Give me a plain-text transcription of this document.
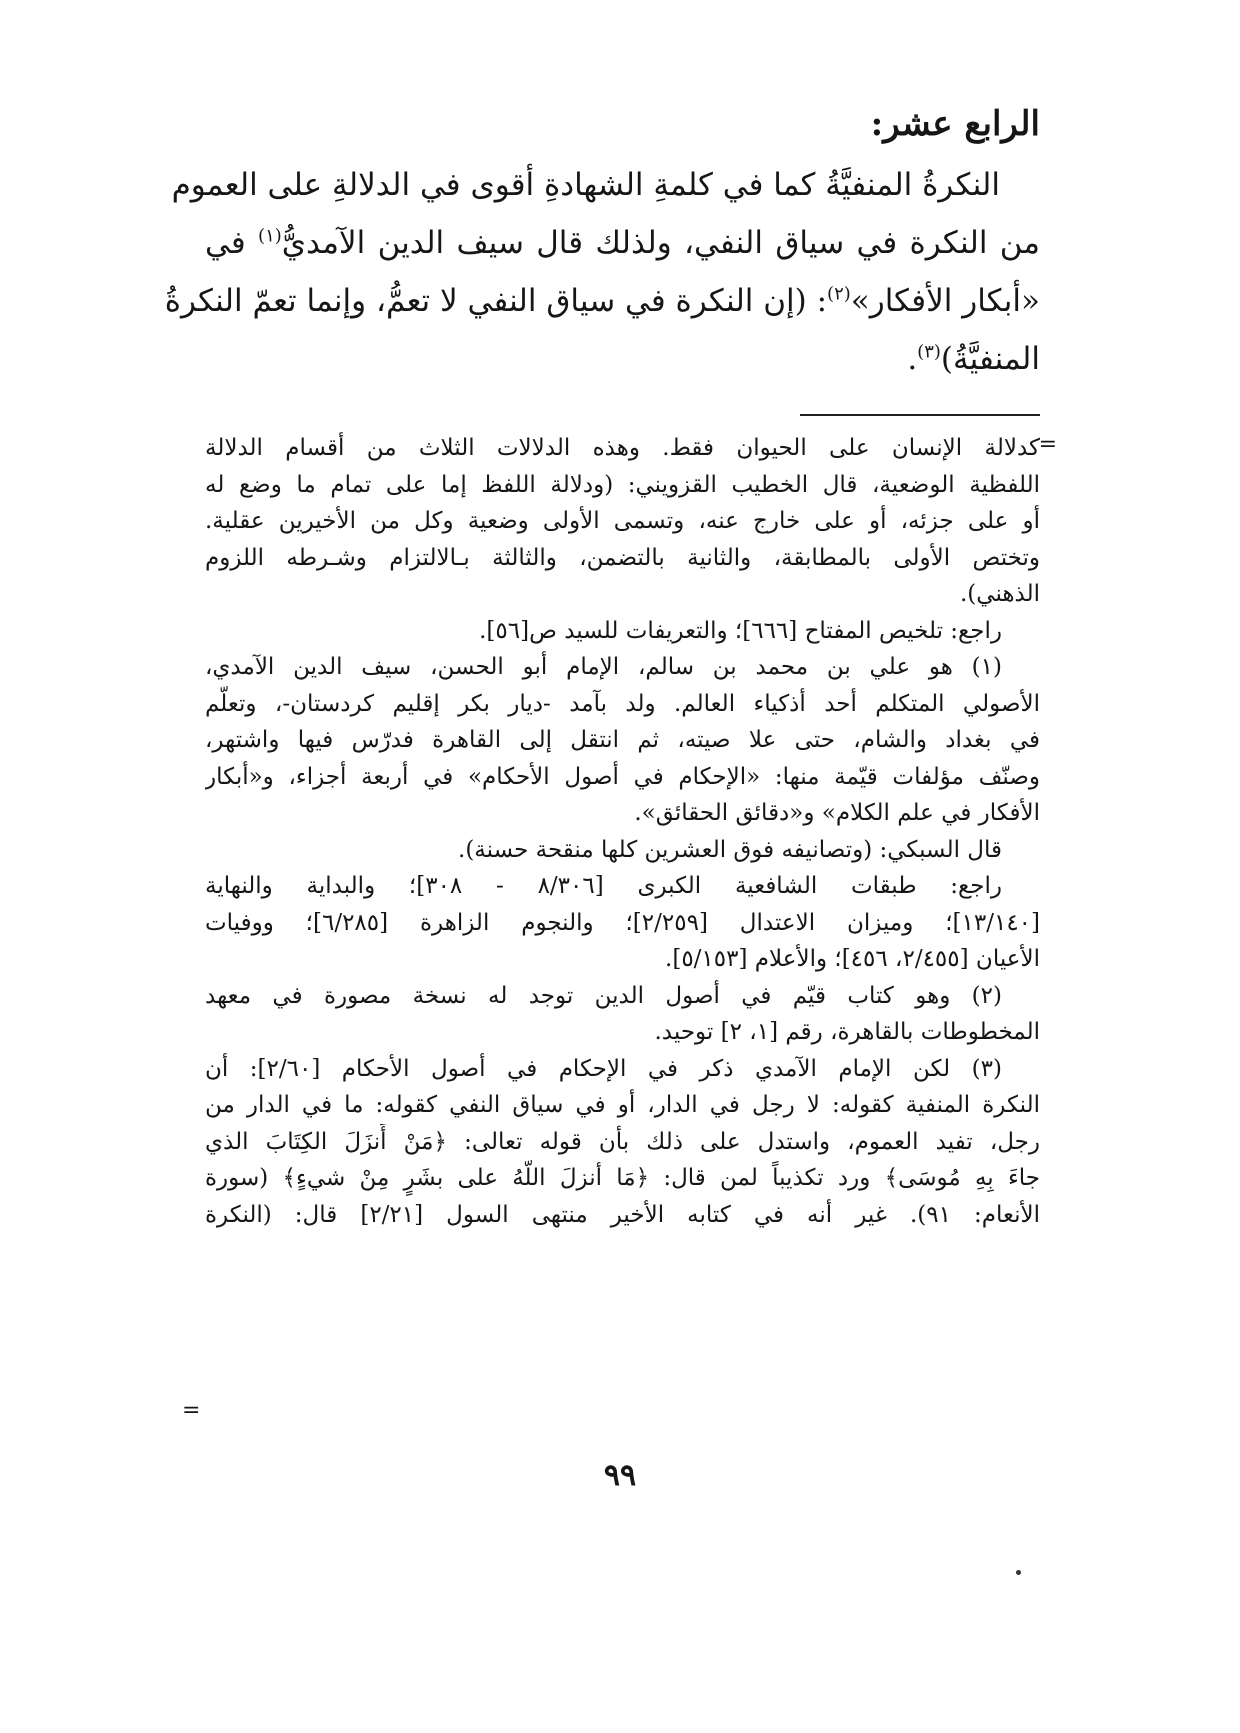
الرابع عشر:
النكرةُ المنفيَّةُ كما في كلمةِ الشهادةِ أقوى في الدلالةِ على العموم
من النكرة في سياق النفي، ولذلك قال سيف الدين الآمديُّ$^{(١)}$ في
«أبكار الأفكار»$^{(٢)}$: (إن النكرة في سياق النفي لا تعمُّ، وإنما تعمّ النكرةُ
المنفيَّةُ)$^{(٣)}$.
=
كدلالة الإنسان على الحيوان فقط. وهذه الدلالات الثلاث من أقسام الدلالة
اللفظية الوضعية، قال الخطيب القزويني: (ودلالة اللفظ إما على تمام ما وضع له
أو على جزئه، أو على خارج عنه، وتسمى الأولى وضعية وكل من الأخيرين عقلية.
وتختص الأولى بالمطابقة، والثانية بالتضمن، والثالثة بـالالتزام وشـرطه اللزوم
الذهني).
راجع: تلخيص المفتاح [٦٦٦]؛ والتعريفات للسيد ص[٥٦].
(١) هو علي بن محمد بن سالم، الإمام أبو الحسن، سيف الدين الآمدي،
الأصولي المتكلم أحد أذكياء العالم. ولد بآمد -ديار بكر إقليم كردستان-، وتعلّم
في بغداد والشام، حتى علا صيته، ثم انتقل إلى القاهرة فدرّس فيها واشتهر،
وصنّف مؤلفات قيّمة منها: «الإحكام في أصول الأحكام» في أربعة أجزاء، و«أبكار
الأفكار في علم الكلام» و«دقائق الحقائق».
قال السبكي: (وتصانيفه فوق العشرين كلها منقحة حسنة).
راجع: طبقات الشافعية الكبرى [٨/٣٠٦ - ٣٠٨]؛ والبداية والنهاية
[١٣/١٤٠]؛ وميزان الاعتدال [٢/٢٥٩]؛ والنجوم الزاهرة [٦/٢٨٥]؛ ووفيات
الأعيان [٢/٤٥٥، ٤٥٦]؛ والأعلام [٥/١٥٣].
(٢) وهو كتاب قيّم في أصول الدين توجد له نسخة مصورة في معهد
المخطوطات بالقاهرة، رقم [١، ٢] توحيد.
(٣) لكن الإمام الآمدي ذكر في الإحكام في أصول الأحكام [٢/٦٠]: أن
النكرة المنفية كقوله: لا رجل في الدار، أو في سياق النفي كقوله: ما في الدار من
رجل، تفيد العموم، واستدل على ذلك بأن قوله تعالى: ﴿مَنْ أَنزَلَ الكِتَابَ الذي
جاءَ بِهِ مُوسَى﴾ ورد تكذيباً لمن قال: ﴿مَا أنزلَ اللَّهُ على بشَرٍ مِنْ شيءٍ﴾ (سورة
الأنعام: ٩١). غير أنه في كتابه الأخير منتهى السول [٢/٢١] قال: (النكرة
=
٩٩
